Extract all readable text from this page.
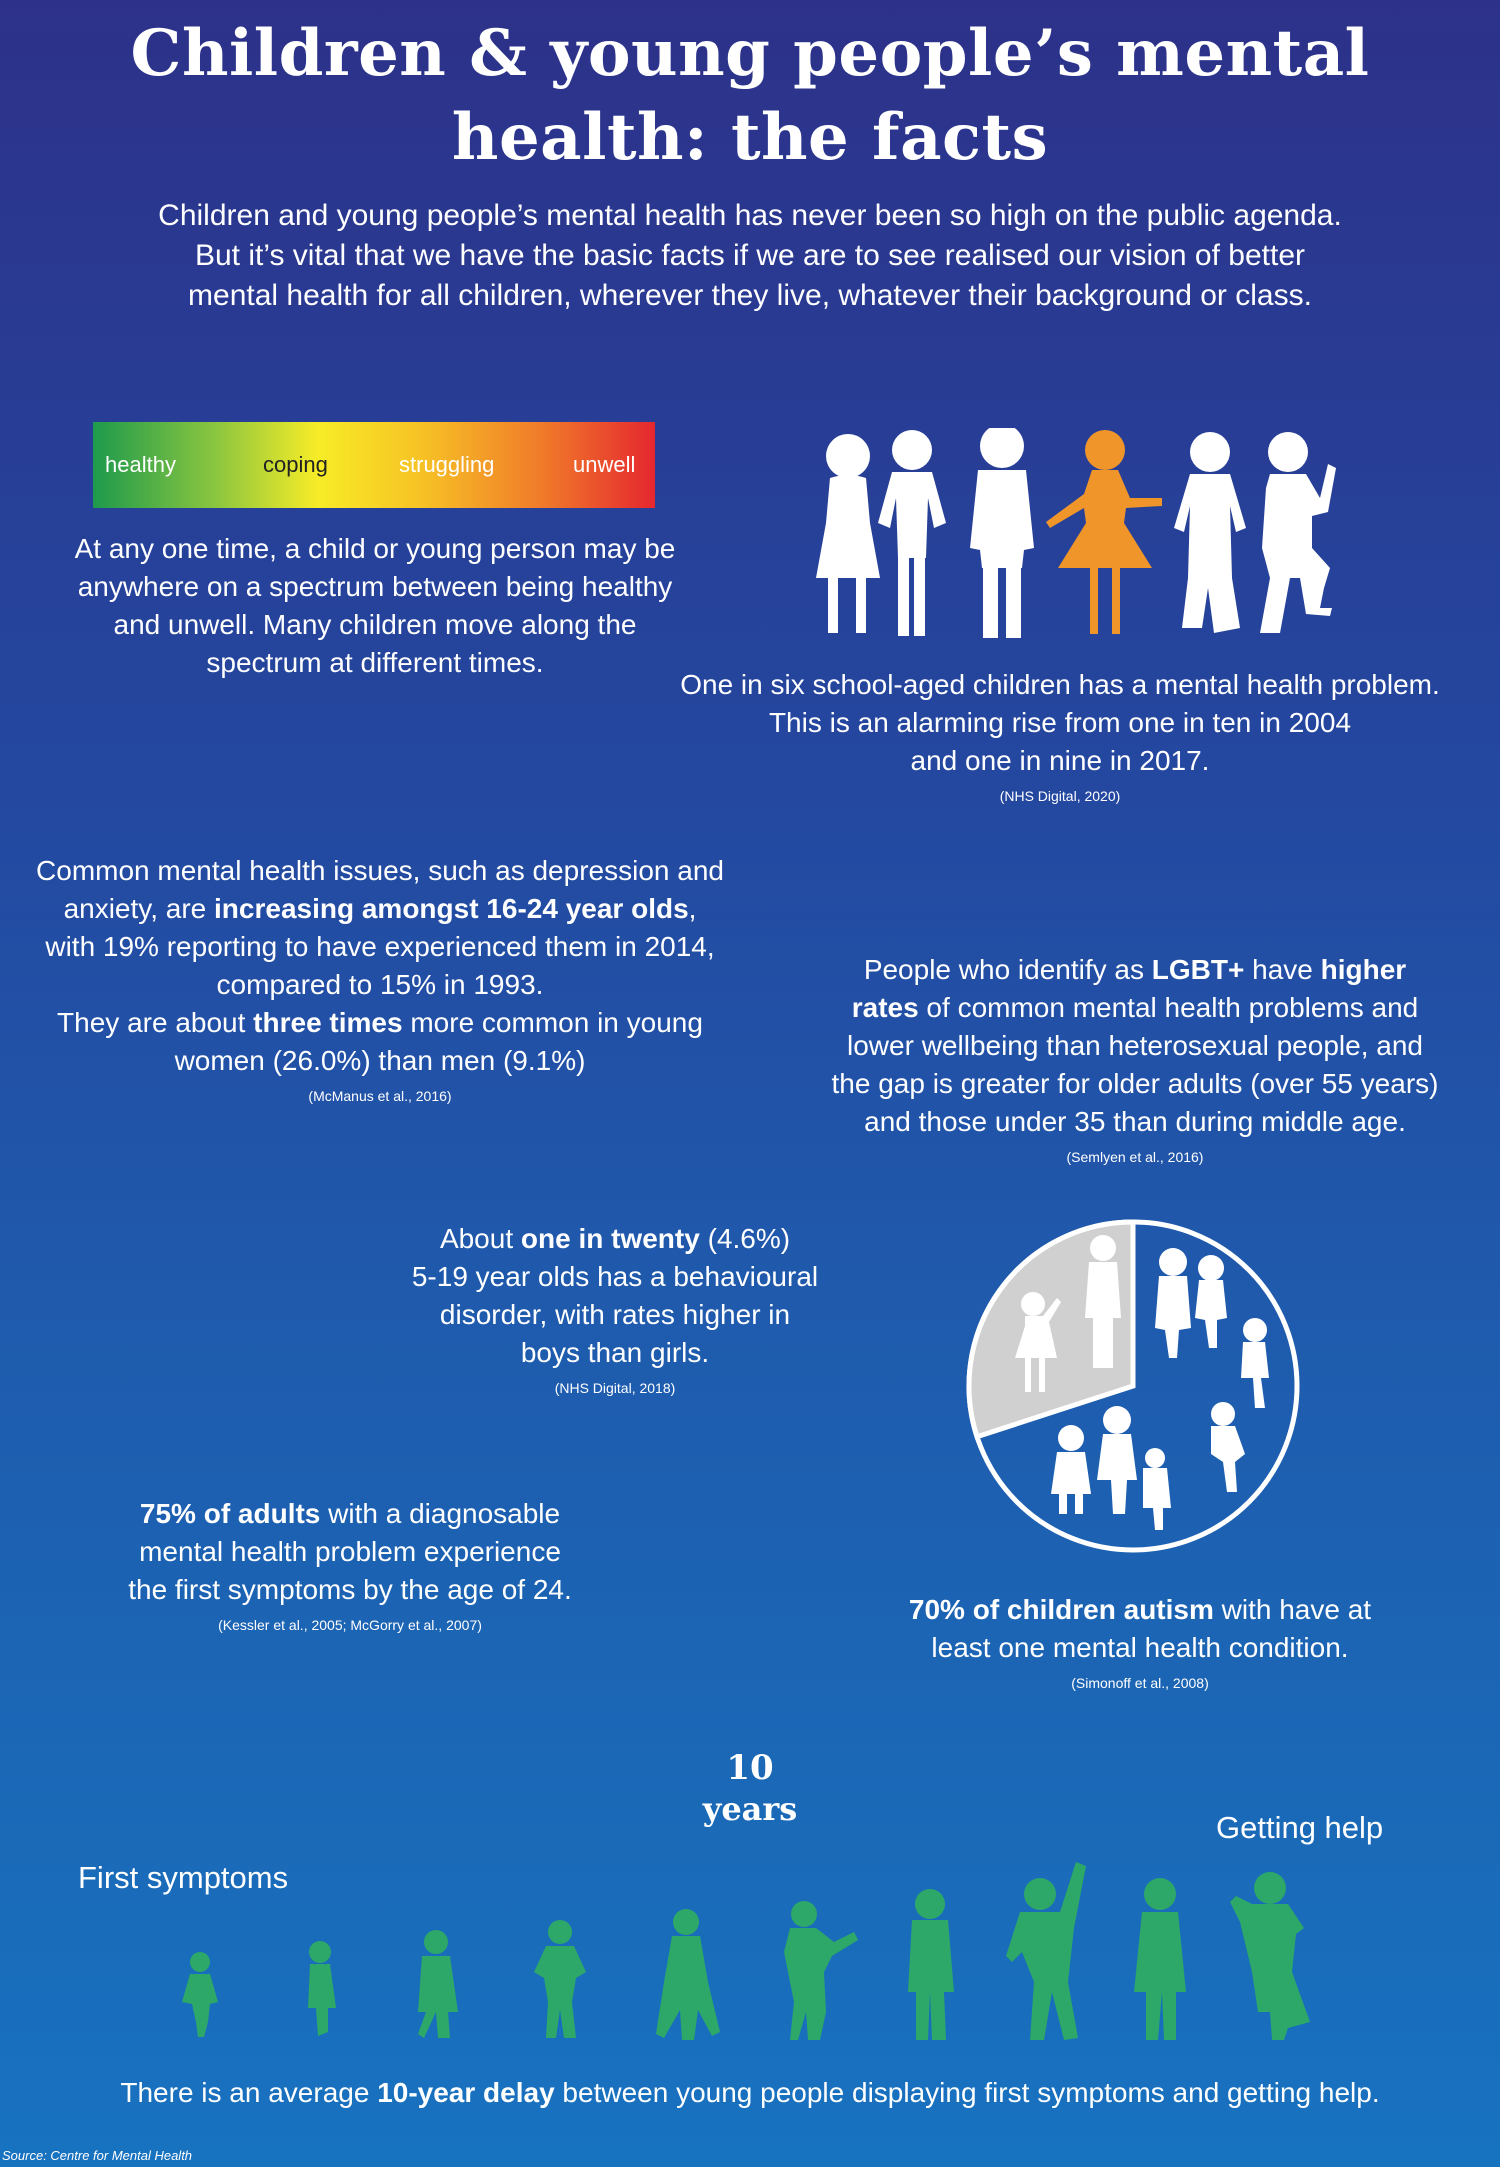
Children & young people’s mental
health: the facts
Children and young people’s mental health has never been so high on the public agenda.
But it’s vital that we have the basic facts if we are to see realised our vision of better
mental health for all children, wherever they live, whatever their background or class.
healthy	coping	struggling	unwell
At any one time, a child or young person may be
anywhere on a spectrum between being healthy
and unwell. Many children move along the
spectrum at different times.
One in six school-aged children has a mental health problem.
This is an alarming rise from one in ten in 2004
and one in nine in 2017.
(NHS Digital, 2020)
Common mental health issues, such as depression and
anxiety, are increasing amongst 16-24 year olds,
with 19% reporting to have experienced them in 2014,
compared to 15% in 1993.
They are about three times more common in young
women (26.0%) than men (9.1%)
(McManus et al., 2016)
People who identify as LGBT+ have higher
rates of common mental health problems and
lower wellbeing than heterosexual people, and
the gap is greater for older adults (over 55 years)
and those under 35 than during middle age.
(Semlyen et al., 2016)
About one in twenty (4.6%)
5-19 year olds has a behavioural
disorder, with rates higher in
boys than girls.
(NHS Digital, 2018)
75% of adults with a diagnosable
mental health problem experience
the first symptoms by the age of 24.
(Kessler et al., 2005; McGorry et al., 2007)	70% of children autism with have at
least one mental health condition.
(Simonoff et al., 2008)
10
years	Getting help
First symptoms
There is an average 10-year delay between young people displaying first symptoms and getting help.
Source: Centre for Mental Health
